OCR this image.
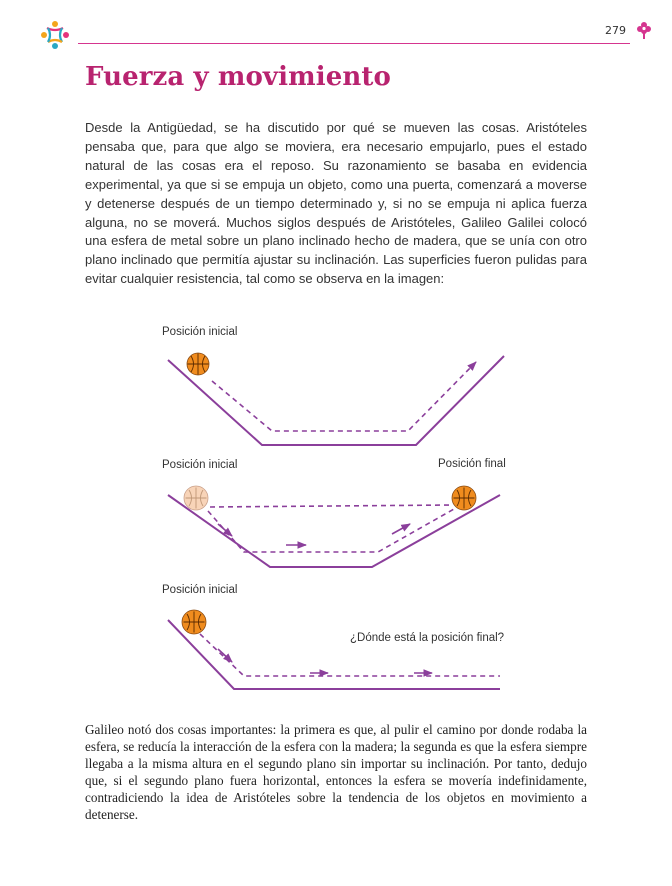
279
Fuerza y movimiento

Desde la Antigüedad, se ha discutido por qué se mueven las cosas. Aristóteles pensaba que, para que algo se moviera, era necesario empujarlo, pues el estado natural de las cosas era el reposo. Su razonamiento se basaba en evidencia experimental, ya que si se empuja un objeto, como una puerta, comenzará a moverse y detenerse después de un tiempo determinado y, si no se empuja ni aplica fuerza alguna, no se moverá. Muchos siglos después de Aristóteles, Galileo Galilei colocó una esfera de metal sobre un plano inclinado hecho de madera, que se unía con otro plano inclinado que permitía ajustar su inclinación. Las superficies fueron pulidas para evitar cualquier resistencia, tal como se observa en la imagen:

Posición inicial
Posición inicial	Posición final
Posición inicial
¿Dónde está la posición final?

Galileo notó dos cosas importantes: la primera es que, al pulir el camino por donde rodaba la esfera, se reducía la interacción de la esfera con la madera; la segunda es que la esfera siempre llegaba a la misma altura en el segundo plano sin importar su inclinación. Por tanto, dedujo que, si el segundo plano fuera horizontal, entonces la esfera se movería indefinidamente, contradiciendo la idea de Aristóteles sobre la tendencia de los objetos en movimiento a detenerse.
